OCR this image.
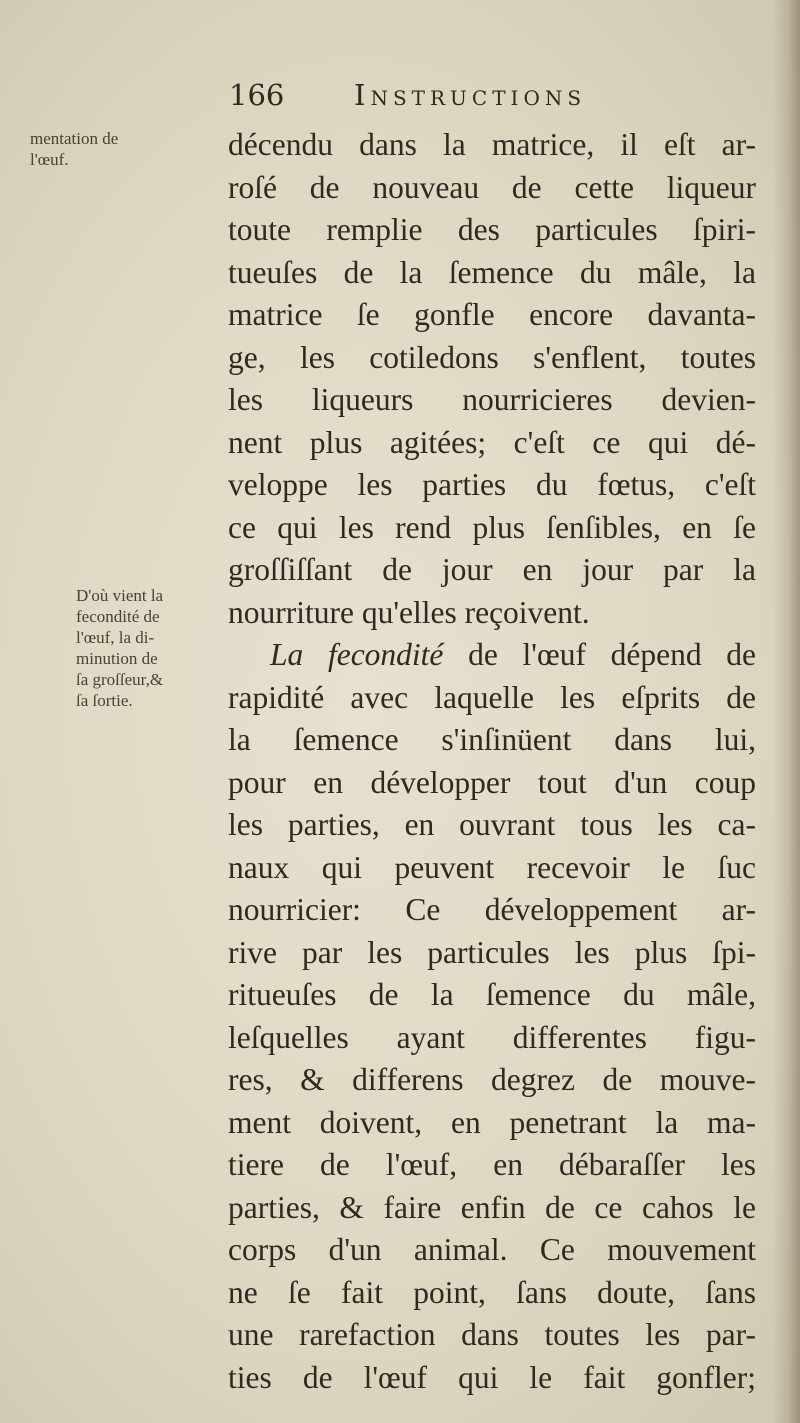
166 Instructions
mentation de
l'œuf.
D'où vient la
fecondité de
l'œuf, la di-
minution de
ſa groſſeur,&
ſa ſortie.
décendu dans la matrice, il eſt ar-
roſé de nouveau de cette liqueur
toute remplie des particules ſpiri-
tueuſes de la ſemence du mâle, la
matrice ſe gonfle encore davanta-
ge, les cotiledons s'enflent, toutes
les liqueurs nourricieres devien-
nent plus agitées; c'eſt ce qui dé-
veloppe les parties du fœtus, c'eſt
ce qui les rend plus ſenſibles, en ſe
groſſiſſant de jour en jour par la
nourriture qu'elles reçoivent.
La fecondité de l'œuf dépend de
rapidité avec laquelle les eſprits de
la ſemence s'inſinüent dans lui,
pour en développer tout d'un coup
les parties, en ouvrant tous les ca-
naux qui peuvent recevoir le ſuc
nourricier: Ce développement ar-
rive par les particules les plus ſpi-
ritueuſes de la ſemence du mâle,
leſquelles ayant differentes figu-
res, & differens degrez de mouve-
ment doivent, en penetrant la ma-
tiere de l'œuf, en débaraſſer les
parties, & faire enfin de ce cahos le
corps d'un animal. Ce mouvement
ne ſe fait point, ſans doute, ſans
une rarefaction dans toutes les par-
ties de l'œuf qui le fait gonfler;
